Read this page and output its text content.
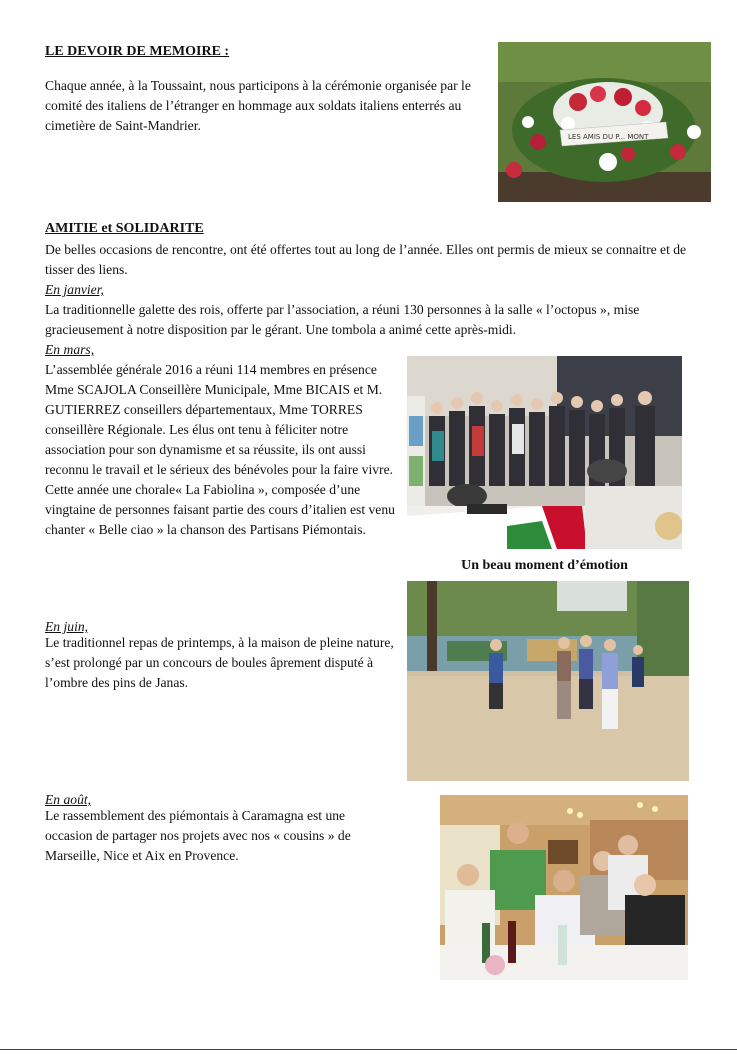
LE DEVOIR DE MEMOIRE :

Chaque année, à la Toussaint, nous participons à la cérémonie organisée par le comité des italiens de l’étranger en hommage aux soldats italiens enterrés au cimetière de Saint-Mandrier.

LES AMIS DU P... MONT
AMITIE et SOLIDARITE

De belles occasions de rencontre, ont été offertes tout au long de l’année. Elles ont permis de mieux se connaitre et de tisser des liens.

En janvier,

La traditionnelle galette des rois, offerte par l’association, a réuni 130 personnes à la salle « l’octopus », mise gracieusement à notre disposition par le gérant. Une tombola a animé cette après-midi.

En mars,

L’assemblée générale 2016 a réuni 114 membres en présence Mme SCAJOLA Conseillère Municipale, Mme BICAIS et M. GUTIERREZ conseillers départementaux, Mme TORRES conseillère Régionale. Les élus ont tenu à féliciter notre association pour son dynamisme et sa réussite, ils ont aussi reconnu le travail et le sérieux des bénévoles pour la faire vivre. Cette année une chorale« La Fabiolina », composée d’une vingtaine de personnes faisant partie des cours d’italien est venu chanter « Belle ciao » la chanson des Partisans Piémontais.

Un beau moment d’émotion
En juin,

Le traditionnel repas de printemps, à la maison de pleine nature, s’est prolongé par un concours de boules âprement disputé à l’ombre des pins de Janas.

En août,

Le rassemblement des piémontais à Caramagna est une occasion de partager nos projets avec nos « cousins » de Marseille, Nice et Aix en Provence.
